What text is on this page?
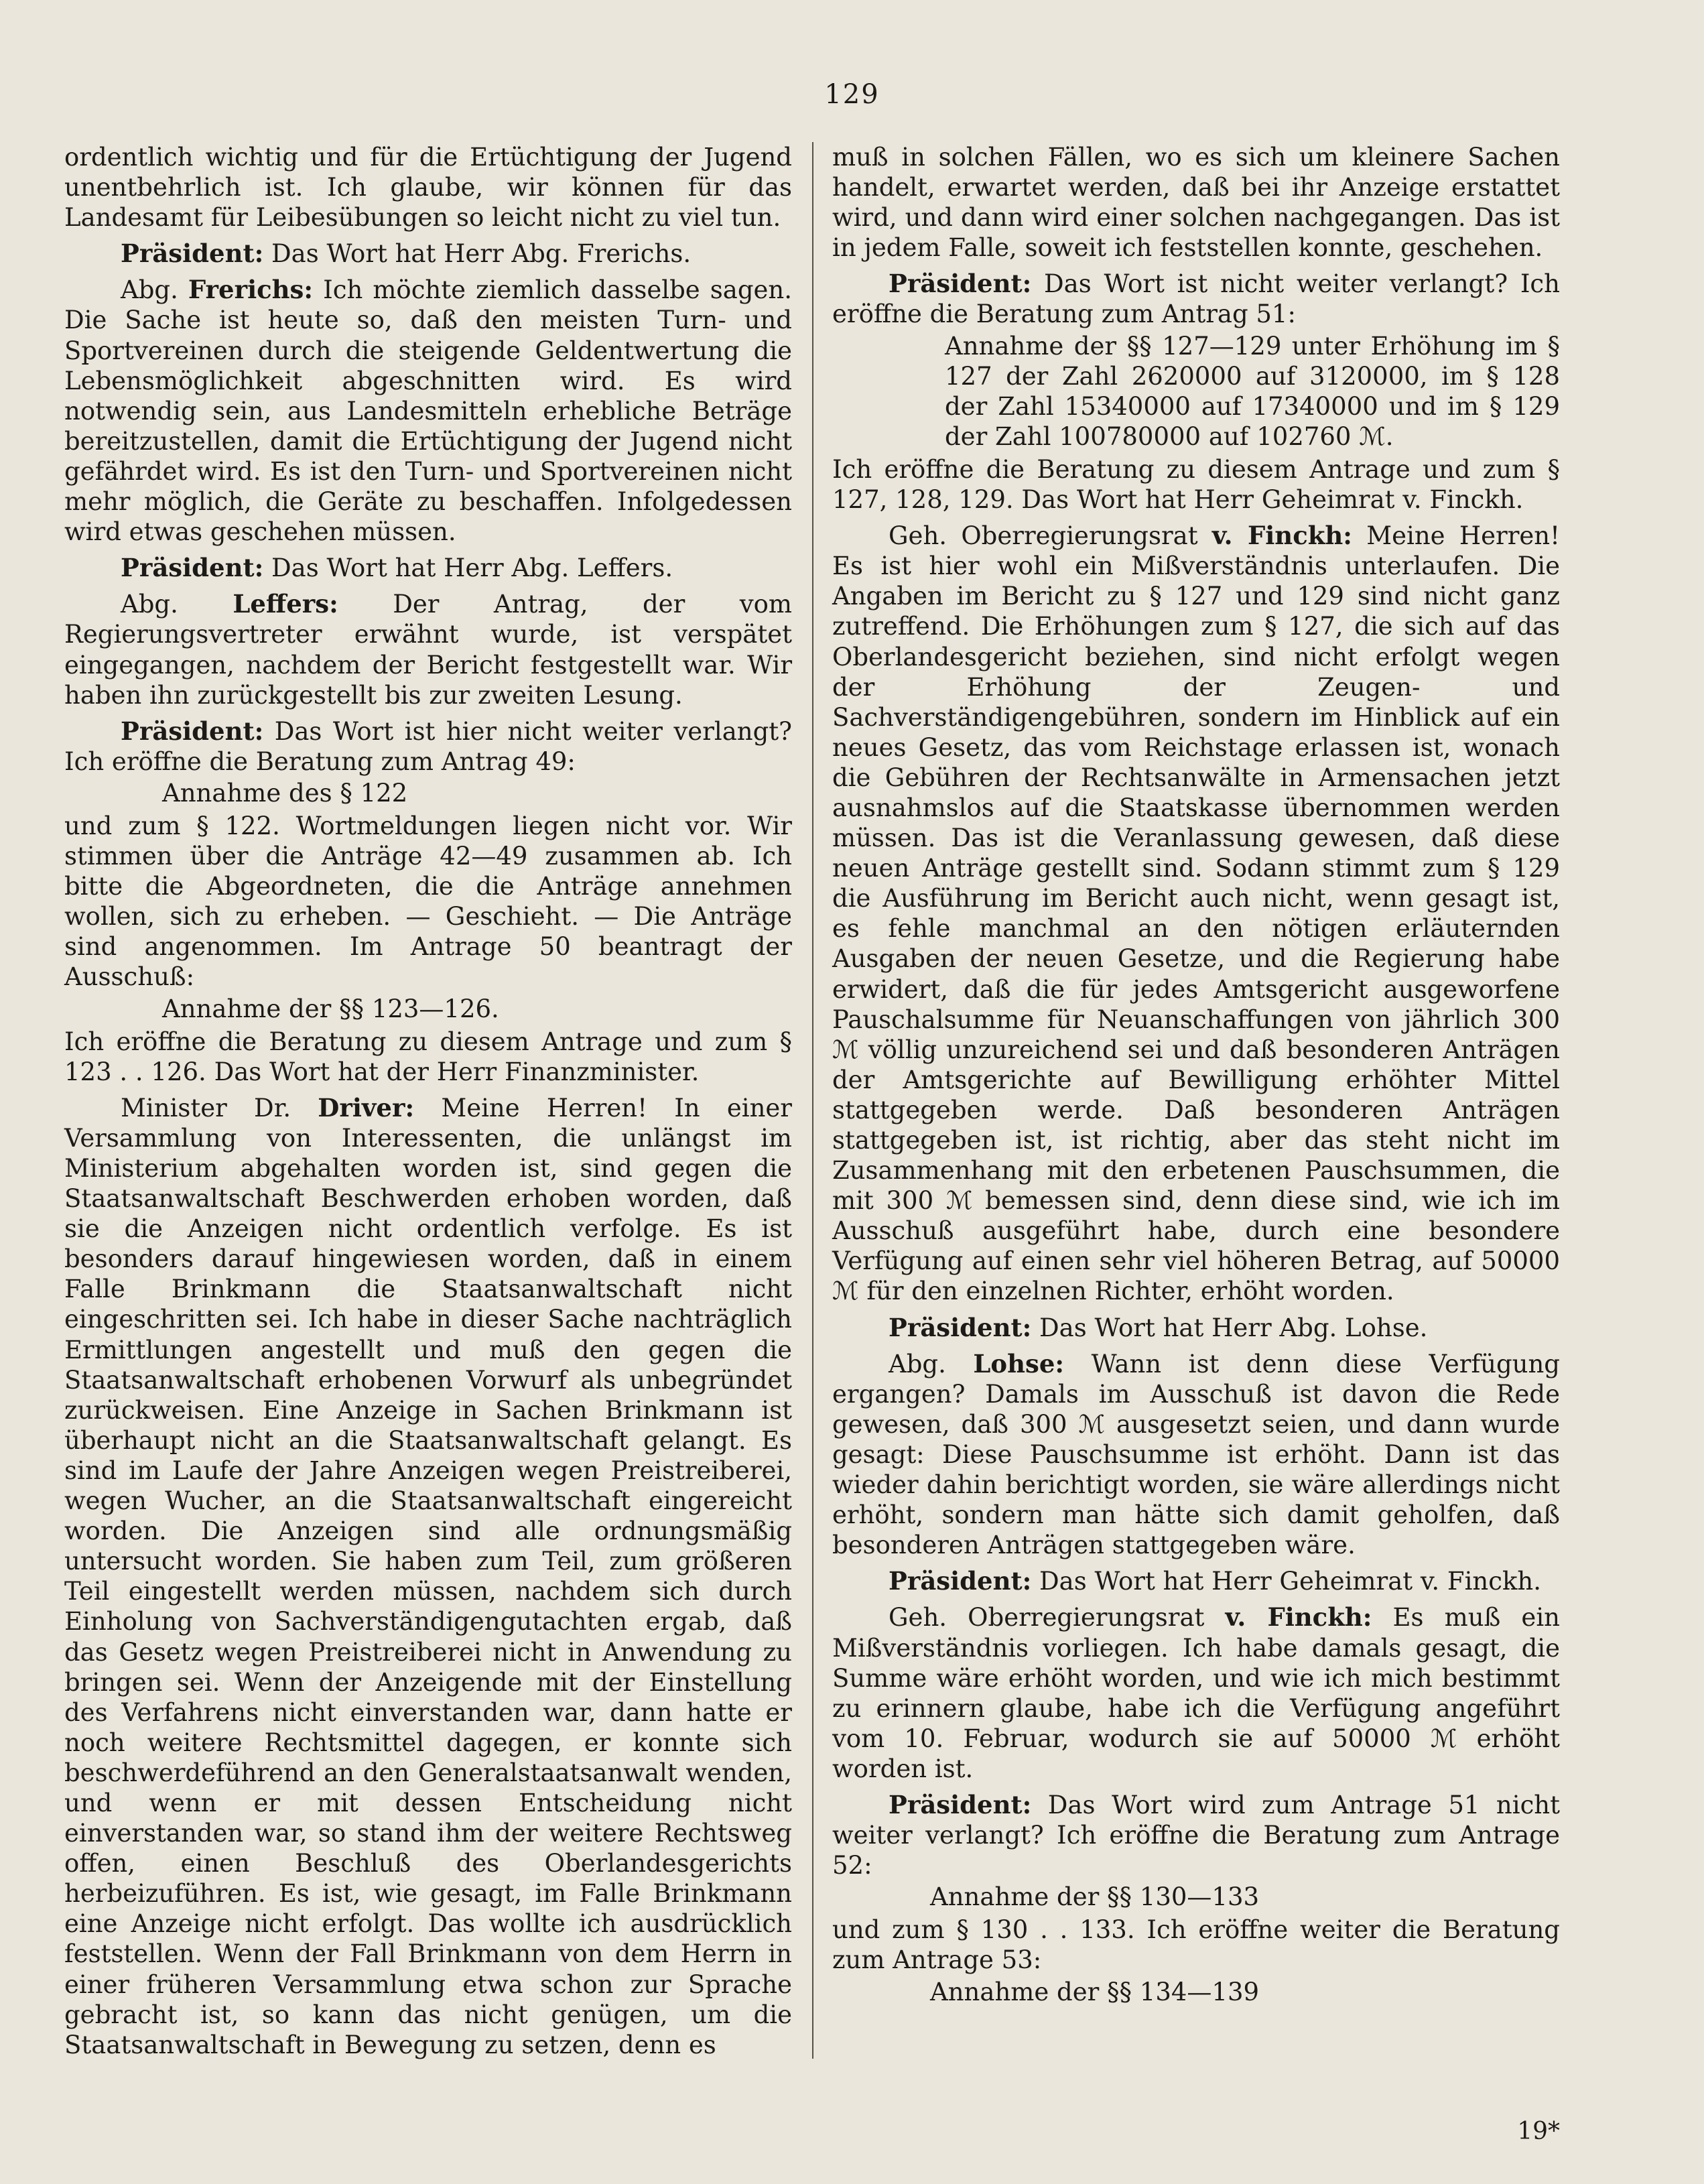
129

ordentlich wichtig und für die Ertüchtigung der Jugend unentbehrlich ist. Ich glaube, wir können für das Landesamt für Leibesübungen so leicht nicht zu viel tun.

Präsident: Das Wort hat Herr Abg. Frerichs.

Abg. Frerichs: Ich möchte ziemlich dasselbe sagen. Die Sache ist heute so, daß den meisten Turn- und Sportvereinen durch die steigende Geldentwertung die Lebensmöglichkeit abgeschnitten wird. Es wird notwendig sein, aus Landesmitteln erhebliche Beträge bereitzustellen, damit die Ertüchtigung der Jugend nicht gefährdet wird. Es ist den Turn- und Sportvereinen nicht mehr möglich, die Geräte zu beschaffen. Infolgedessen wird etwas geschehen müssen.

Präsident: Das Wort hat Herr Abg. Leffers.

Abg. Leffers: Der Antrag, der vom Regierungsvertreter erwähnt wurde, ist verspätet eingegangen, nachdem der Bericht festgestellt war. Wir haben ihn zurückgestellt bis zur zweiten Lesung.

Präsident: Das Wort ist hier nicht weiter verlangt? Ich eröffne die Beratung zum Antrag 49:

Annahme des § 122

und zum § 122. Wortmeldungen liegen nicht vor. Wir stimmen über die Anträge 42—49 zusammen ab. Ich bitte die Abgeordneten, die die Anträge annehmen wollen, sich zu erheben. — Geschieht. — Die Anträge sind angenommen. Im Antrage 50 beantragt der Ausschuß:

Annahme der §§ 123—126.

Ich eröffne die Beratung zu diesem Antrage und zum § 123 . . 126. Das Wort hat der Herr Finanzminister.

Minister Dr. Driver: Meine Herren! In einer Versammlung von Interessenten, die unlängst im Ministerium abgehalten worden ist, sind gegen die Staatsanwaltschaft Beschwerden erhoben worden, daß sie die Anzeigen nicht ordentlich verfolge. Es ist besonders darauf hingewiesen worden, daß in einem Falle Brinkmann die Staatsanwaltschaft nicht eingeschritten sei. Ich habe in dieser Sache nachträglich Ermittlungen angestellt und muß den gegen die Staatsanwaltschaft erhobenen Vorwurf als unbegründet zurückweisen. Eine Anzeige in Sachen Brinkmann ist überhaupt nicht an die Staatsanwaltschaft gelangt. Es sind im Laufe der Jahre Anzeigen wegen Preistreiberei, wegen Wucher, an die Staatsanwaltschaft eingereicht worden. Die Anzeigen sind alle ordnungsmäßig untersucht worden. Sie haben zum Teil, zum größeren Teil eingestellt werden müssen, nachdem sich durch Einholung von Sachverständigengutachten ergab, daß das Gesetz wegen Preistreiberei nicht in Anwendung zu bringen sei. Wenn der Anzeigende mit der Einstellung des Verfahrens nicht einverstanden war, dann hatte er noch weitere Rechtsmittel dagegen, er konnte sich beschwerdeführend an den Generalstaatsanwalt wenden, und wenn er mit dessen Entscheidung nicht einverstanden war, so stand ihm der weitere Rechtsweg offen, einen Beschluß des Oberlandesgerichts herbeizuführen. Es ist, wie gesagt, im Falle Brinkmann eine Anzeige nicht erfolgt. Das wollte ich ausdrücklich feststellen. Wenn der Fall Brinkmann von dem Herrn in einer früheren Versammlung etwa schon zur Sprache gebracht ist, so kann das nicht genügen, um die Staatsanwaltschaft in Bewegung zu setzen, denn es

muß in solchen Fällen, wo es sich um kleinere Sachen handelt, erwartet werden, daß bei ihr Anzeige erstattet wird, und dann wird einer solchen nachgegangen. Das ist in jedem Falle, soweit ich feststellen konnte, geschehen.

Präsident: Das Wort ist nicht weiter verlangt? Ich eröffne die Beratung zum Antrag 51:

Annahme der §§ 127—129 unter Erhöhung im § 127 der Zahl 2620000 auf 3120000, im § 128 der Zahl 15340000 auf 17340000 und im § 129 der Zahl 100780000 auf 102760 ℳ.

Ich eröffne die Beratung zu diesem Antrage und zum § 127, 128, 129. Das Wort hat Herr Geheimrat v. Finckh.

Geh. Oberregierungsrat v. Finckh: Meine Herren! Es ist hier wohl ein Mißverständnis unterlaufen. Die Angaben im Bericht zu § 127 und 129 sind nicht ganz zutreffend. Die Erhöhungen zum § 127, die sich auf das Oberlandesgericht beziehen, sind nicht erfolgt wegen der Erhöhung der Zeugen- und Sachverständigengebühren, sondern im Hinblick auf ein neues Gesetz, das vom Reichstage erlassen ist, wonach die Gebühren der Rechtsanwälte in Armensachen jetzt ausnahmslos auf die Staatskasse übernommen werden müssen. Das ist die Veranlassung gewesen, daß diese neuen Anträge gestellt sind. Sodann stimmt zum § 129 die Ausführung im Bericht auch nicht, wenn gesagt ist, es fehle manchmal an den nötigen erläuternden Ausgaben der neuen Gesetze, und die Regierung habe erwidert, daß die für jedes Amtsgericht ausgeworfene Pauschalsumme für Neuanschaffungen von jährlich 300 ℳ völlig unzureichend sei und daß besonderen Anträgen der Amtsgerichte auf Bewilligung erhöhter Mittel stattgegeben werde. Daß besonderen Anträgen stattgegeben ist, ist richtig, aber das steht nicht im Zusammenhang mit den erbetenen Pauschsummen, die mit 300 ℳ bemessen sind, denn diese sind, wie ich im Ausschuß ausgeführt habe, durch eine besondere Verfügung auf einen sehr viel höheren Betrag, auf 50000 ℳ für den einzelnen Richter, erhöht worden.

Präsident: Das Wort hat Herr Abg. Lohse.

Abg. Lohse: Wann ist denn diese Verfügung ergangen? Damals im Ausschuß ist davon die Rede gewesen, daß 300 ℳ ausgesetzt seien, und dann wurde gesagt: Diese Pauschsumme ist erhöht. Dann ist das wieder dahin berichtigt worden, sie wäre allerdings nicht erhöht, sondern man hätte sich damit geholfen, daß besonderen Anträgen stattgegeben wäre.

Präsident: Das Wort hat Herr Geheimrat v. Finckh.

Geh. Oberregierungsrat v. Finckh: Es muß ein Mißverständnis vorliegen. Ich habe damals gesagt, die Summe wäre erhöht worden, und wie ich mich bestimmt zu erinnern glaube, habe ich die Verfügung angeführt vom 10. Februar, wodurch sie auf 50000 ℳ erhöht worden ist.

Präsident: Das Wort wird zum Antrage 51 nicht weiter verlangt? Ich eröffne die Beratung zum Antrage 52:

Annahme der §§ 130—133

und zum § 130 . . 133. Ich eröffne weiter die Beratung zum Antrage 53:

Annahme der §§ 134—139
19*
